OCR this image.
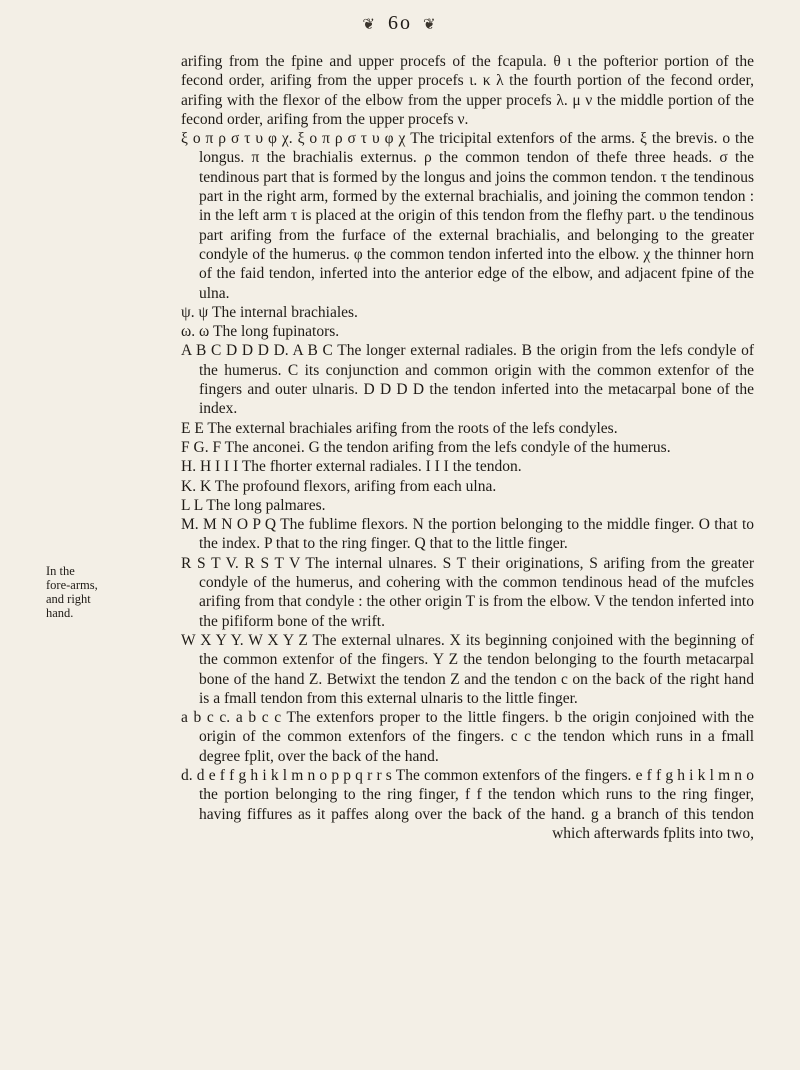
❦ 6o ❦
In the
fore-arms,
and right
hand.

arifing from the fpine and upper procefs of the fcapula. θ ι the pofterior portion of the fecond order, arifing from the upper procefs ι. κ λ the fourth portion of the fecond order, arifing with the flexor of the elbow from the upper procefs λ. μ ν the middle portion of the fecond order, arifing from the upper procefs ν.

ξ ο π ρ σ τ υ φ χ. ξ ο π ρ σ τ υ φ χ The tricipital extenfors of the arms. ξ the brevis. ο the longus. π the brachialis externus. ρ the common tendon of thefe three heads. σ the tendinous part that is formed by the longus and joins the common tendon. τ the tendinous part in the right arm, formed by the external brachialis, and joining the common tendon : in the left arm τ is placed at the origin of this tendon from the flefhy part. υ the tendinous part arifing from the furface of the external brachialis, and belonging to the greater condyle of the humerus. φ the common tendon inferted into the elbow. χ the thinner horn of the faid tendon, inferted into the anterior edge of the elbow, and adjacent fpine of the ulna.

ψ. ψ The internal brachiales.

ω. ω The long fupinators.

A B C D D D D. A B C The longer external radiales. B the origin from the lefs condyle of the humerus. C its conjunction and common origin with the common extenfor of the fingers and outer ulnaris. D D D D the tendon inferted into the metacarpal bone of the index.

E E The external brachiales arifing from the roots of the lefs condyles.

F G. F The anconei. G the tendon arifing from the lefs condyle of the humerus.

H. H I I I The fhorter external radiales. I I I the tendon.

K. K The profound flexors, arifing from each ulna.

L L The long palmares.

M. M N O P Q The fublime flexors. N the portion belonging to the middle finger. O that to the index. P that to the ring finger. Q that to the little finger.

R S T V. R S T V The internal ulnares. S T their originations, S arifing from the greater condyle of the humerus, and cohering with the common tendinous head of the mufcles arifing from that condyle : the other origin T is from the elbow. V the tendon inferted into the pifiform bone of the wrift.

W X Y Y. W X Y Z The external ulnares. X its beginning conjoined with the beginning of the common extenfor of the fingers. Y Z the tendon belonging to the fourth metacarpal bone of the hand Z. Betwixt the tendon Z and the tendon c on the back of the right hand is a fmall tendon from this external ulnaris to the little finger.

a b c c. a b c c The extenfors proper to the little fingers. b the origin conjoined with the origin of the common extenfors of the fingers. c c the tendon which runs in a fmall degree fplit, over the back of the hand.

d. d e f f g h i k l m n o p p q r r s The common extenfors of the fingers. e f f g h i k l m n o the portion belonging to the ring finger, f f the tendon which runs to the ring finger, having fiffures as it paffes along over the back of the hand. g a branch of this tendon which afterwards fplits into two,
